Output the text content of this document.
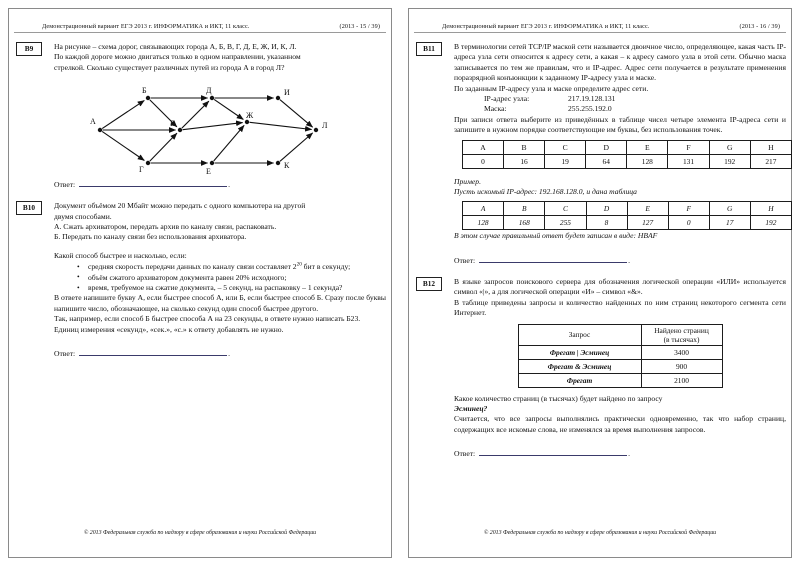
Демонстрационный вариант ЕГЭ 2013 г. ИНФОРМАТИКА и ИКТ, 11 класс.	(2013 - 15 / 39)
B9	На рисунке – схема дорог, связывающих города А, Б, В, Г, Д, Е, Ж, И, К, Л.
По каждой дороге можно двигаться только в одном направлении, указанном
стрелкой. Сколько существует различных путей из города А в город Л?
А
Б
В
Г
Д
Е
Ж
И
К
Л
Ответ:	.
B10	Документ объёмом 20 Мбайт можно передать с одного компьютера на другой
двумя способами.
А. Сжать архиватором, передать архив по каналу связи, распаковать.
Б. Передать по каналу связи без использования архиватора.
Какой способ быстрее и насколько, если:
• средняя скорость передачи данных по каналу связи составляет $2^{20}$ бит в секунду;
• объём сжатого архиватором документа равен 20% исходного;
• время, требуемое на сжатие документа, – 5 секунд, на распаковку – 1 секунда?
В ответе напишите букву А, если быстрее способ А, или Б, если быстрее способ Б. Сразу после буквы напишите число, обозначающее, на сколько секунд один способ быстрее другого.
Так, например, если способ Б быстрее способа А на 23 секунды, в ответе нужно написать Б23.
Единиц измерения «секунд», «сек.», «с.» к ответу добавлять не нужно.
Ответ:	.
© 2013 Федеральная служба по надзору в сфере образования и науки Российской Федерации
Демонстрационный вариант ЕГЭ 2013 г. ИНФОРМАТИКА и ИКТ, 11 класс.	(2013 - 16 / 39)
B11	В терминологии сетей TCP/IP маской сети называется двоичное число, определяющее, какая часть IP-адреса узла сети относится к адресу сети, а какая – к адресу самого узла в этой сети. Обычно маска записывается по тем же правилам, что и IP-адрес. Адрес сети получается в результате применения поразрядной конъюнкции к заданному IP-адресу узла и маске.
По заданным IP-адресу узла и маске определите адрес сети.
IP-адрес узла:	217.19.128.131
Маска:	255.255.192.0
При записи ответа выберите из приведённых в таблице чисел четыре элемента IP-адреса сети и запишите в нужном порядке соответствующие им буквы, без использования точек.
A	B	C	D	E	F	G	H
0	16	19	64	128	131	192	217
Пример.
Пусть искомый IP-адрес: 192.168.128.0, и дана таблица
A	B	C	D	E	F	G	H
128	168	255	8	127	0	17	192
В этом случае правильный ответ будет записан в виде: HBAF
Ответ:	.
B12	В языке запросов поискового сервера для обозначения логической операции «ИЛИ» используется символ «|», а для логической операции «И» – символ «&».
В таблице приведены запросы и количество найденных по ним страниц некоторого сегмента сети Интернет.
Запрос	Найдено страниц
(в тысячах)
Фрегат | Эсминец	3400
Фрегат & Эсминец	900
Фрегат	2100
Какое количество страниц (в тысячах) будет найдено по запросу
Эсминец?
Считается, что все запросы выполнялись практически одновременно, так что набор страниц, содержащих все искомые слова, не изменялся за время выполнения запросов.
Ответ:	.
© 2013 Федеральная служба по надзору в сфере образования и науки Российской Федерации
